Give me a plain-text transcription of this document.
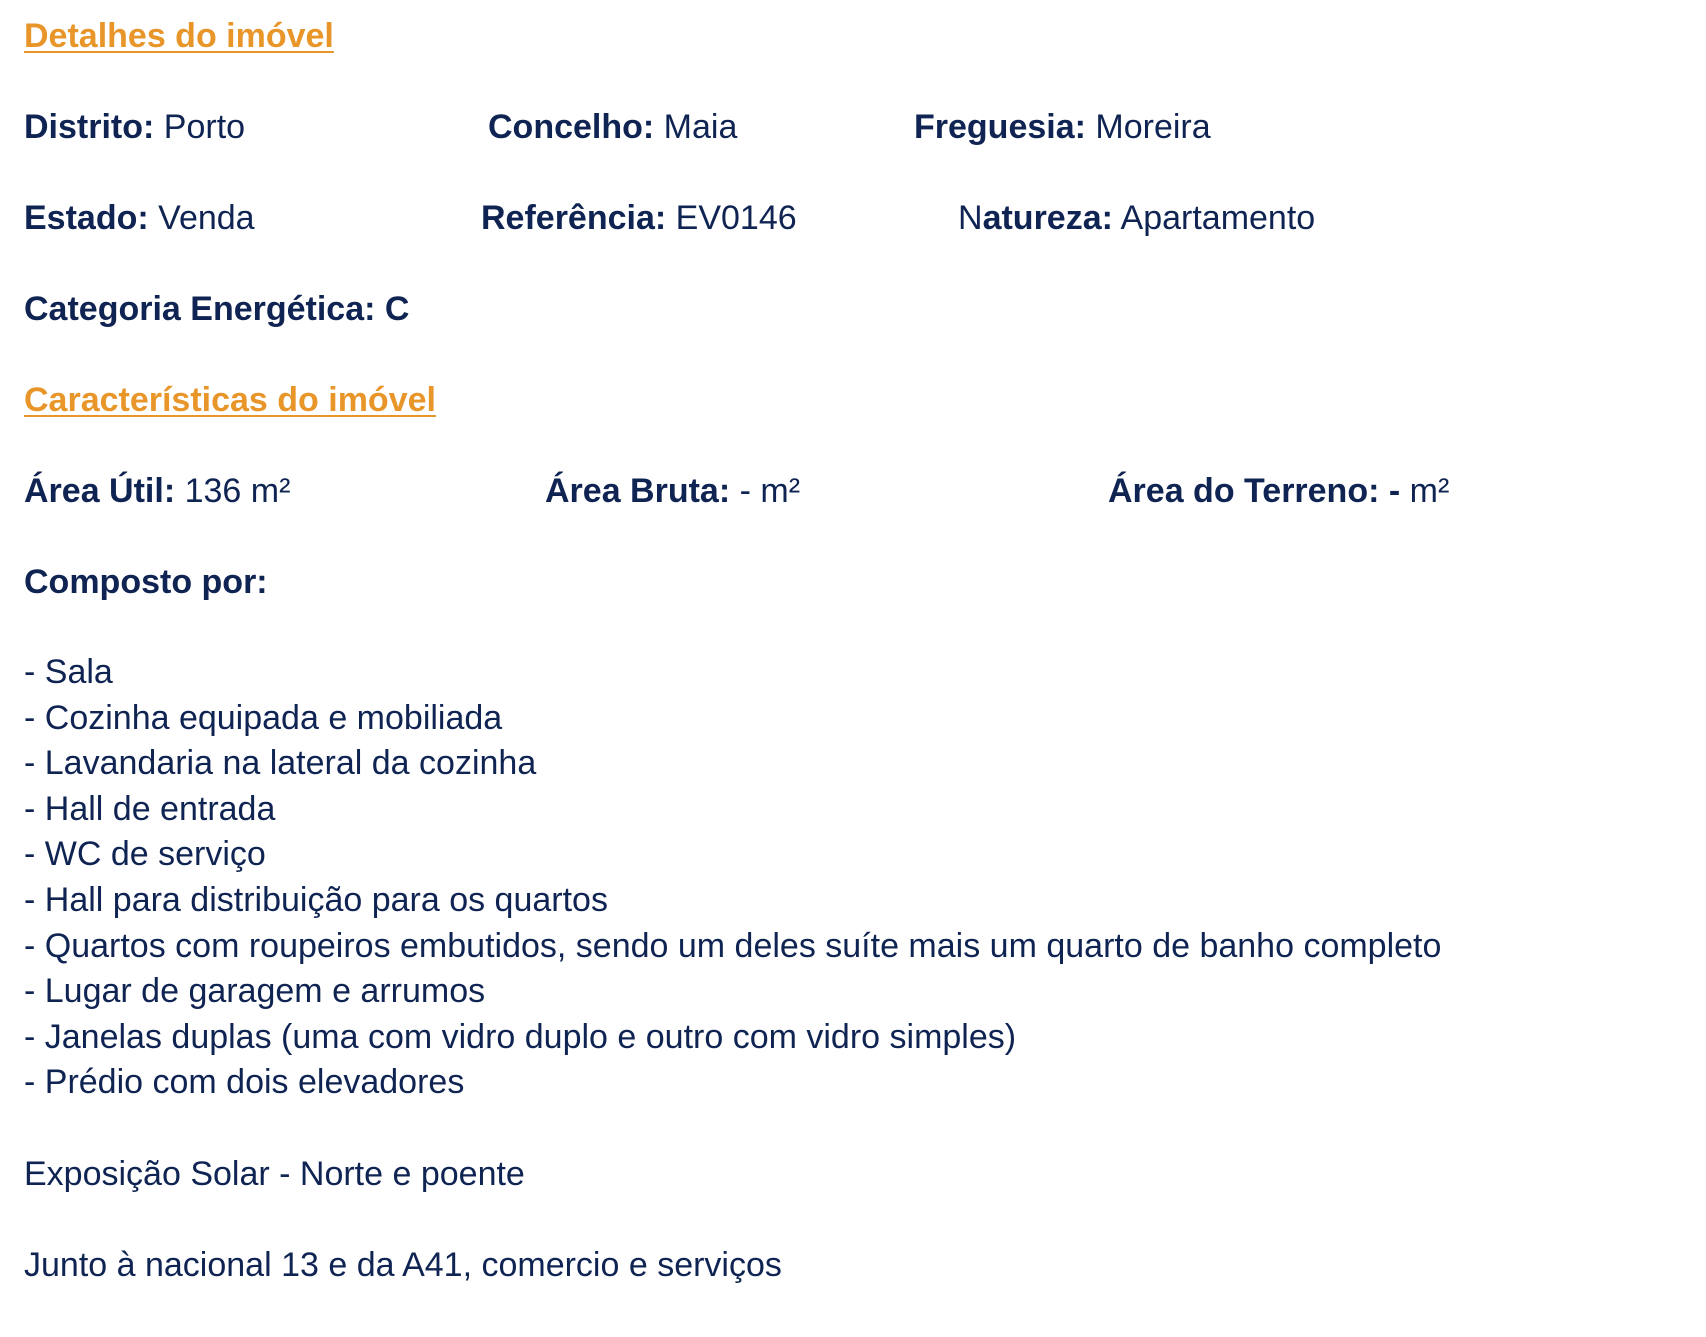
Detalhes do imóvel
Distrito: Porto	Concelho: Maia	Freguesia: Moreira
Estado: Venda	Referência: EV0146	Natureza: Apartamento
Categoria Energética: C
Características do imóvel
Área Útil: 136 m²	Área Bruta: - m²	Área do Terreno: - m²
Composto por:
- Sala
- Cozinha equipada e mobiliada
- Lavandaria na lateral da cozinha
- Hall de entrada
- WC de serviço
- Hall para distribuição para os quartos
- Quartos com roupeiros embutidos, sendo um deles suíte mais um quarto de banho completo
- Lugar de garagem e arrumos
- Janelas duplas (uma com vidro duplo e outro com vidro simples)
- Prédio com dois elevadores
Exposição Solar - Norte e poente
Junto à nacional 13 e da A41, comercio e serviços
